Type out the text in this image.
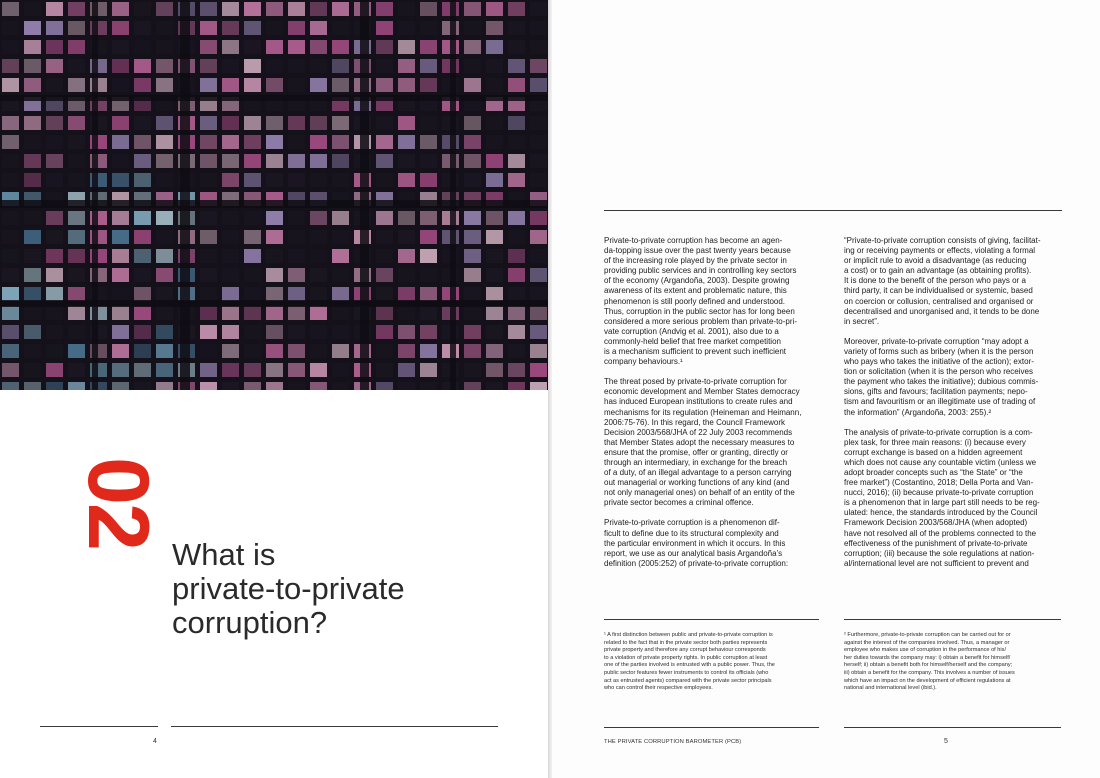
02
What is
private-to-private
corruption?
4

Private-to-private corruption has become an agen-
da-topping issue over the past twenty years because
of the increasing role played by the private sector in
providing public services and in controlling key sectors
of the economy (Argandoña, 2003). Despite growing
awareness of its extent and problematic nature, this
phenomenon is still poorly defined and understood.
Thus, corruption in the public sector has for long been
considered a more serious problem than private-to-pri-
vate corruption (Andvig et al. 2001), also due to a
commonly-held belief that free market competition
is a mechanism sufficient to prevent such inefficient
company behaviours.¹

The threat posed by private-to-private corruption for
economic development and Member States democracy
has induced European institutions to create rules and
mechanisms for its regulation (Heineman and Heimann,
2006:75-76). In this regard, the Council Framework
Decision 2003/568/JHA of 22 July 2003 recommends
that Member States adopt the necessary measures to
ensure that the promise, offer or granting, directly or
through an intermediary, in exchange for the breach
of a duty, of an illegal advantage to a person carrying
out managerial or working functions of any kind (and
not only managerial ones) on behalf of an entity of the
private sector becomes a criminal offence.

Private-to-private corruption is a phenomenon dif-
ficult to define due to its structural complexity and
the particular environment in which it occurs. In this
report, we use as our analytical basis Argandoña’s
definition (2005:252) of private-to-private corruption:

“Private-to-private corruption consists of giving, facilitat-
ing or receiving payments or effects, violating a formal
or implicit rule to avoid a disadvantage (as reducing
a cost) or to gain an advantage (as obtaining profits).
It is done to the benefit of the person who pays or a
third party, it can be individualised or systemic, based
on coercion or collusion, centralised and organised or
decentralised and unorganised and, it tends to be done
in secret”.

Moreover, private-to-private corruption “may adopt a
variety of forms such as bribery (when it is the person
who pays who takes the initiative of the action); extor-
tion or solicitation (when it is the person who receives
the payment who takes the initiative); dubious commis-
sions, gifts and favours; facilitation payments; nepo-
tism and favouritism or an illegitimate use of trading of
the information” (Argandoña, 2003: 255).²

The analysis of private-to-private corruption is a com-
plex task, for three main reasons: (i) because every
corrupt exchange is based on a hidden agreement
which does not cause any countable victim (unless we
adopt broader concepts such as “the State” or “the
free market”) (Costantino, 2018; Della Porta and Van-
nucci, 2016); (ii) because private-to-private corruption
is a phenomenon that in large part still needs to be reg-
ulated: hence, the standards introduced by the Council
Framework Decision 2003/568/JHA (when adopted)
have not resolved all of the problems connected to the
effectiveness of the punishment of private-to-private
corruption; (iii) because the sole regulations at nation-
al/international level are not sufficient to prevent and

¹ A first distinction between public and private-to-private corruption is
related to the fact that in the private sector both parties represents
private property and therefore any corrupt behaviour corresponds
to a violation of private property rights. In public corruption at least
one of the parties involved is entrusted with a public power. Thus, the
public sector features fewer instruments to control its officials (who
act as entrusted agents) compared with the private sector principals
who can control their respective employees.
² Furthermore, private-to-private corruption can be carried out for or
against the interest of the companies involved. Thus, a manager or
employee who makes use of corruption in the performance of his/
her duties towards the company may: i) obtain a benefit for himself/
herself; ii) obtain a benefit both for himself/herself and the company;
iii) obtain a benefit for the company. This involves a number of issues
which have an impact on the development of efficient regulations at
national and international level (ibid.).
THE PRIVATE CORRUPTION BAROMETER (PCB)	5
